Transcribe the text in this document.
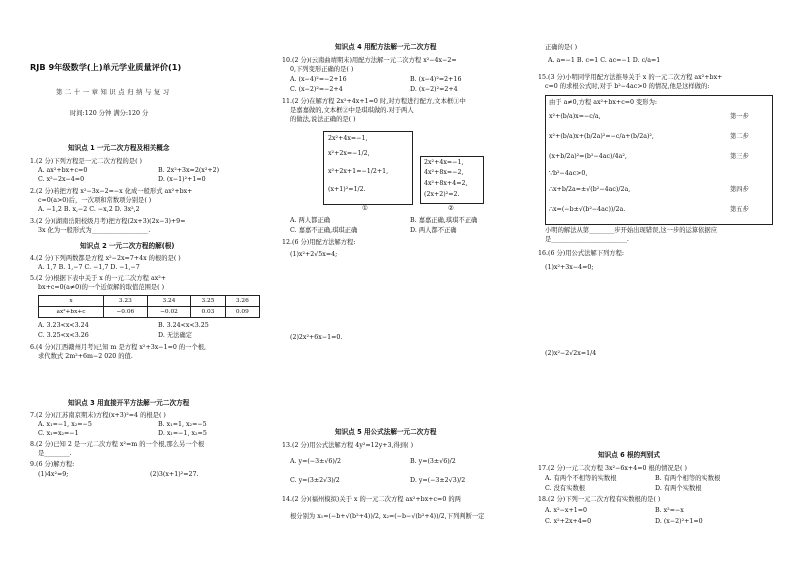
RJB 9年级数学(上)单元学业质量评价(1)
第 二 十 一 章 知 识 点 归 纳 与 复 习
时间:120 分钟 满分:120 分
知识点 1 一元二次方程及相关概念
1.(2 分)下列方程是一元二次方程的是( )
A. ax²+bx+c=0	B. 2x²+3x=2(x²+2)
C. x²−2x−4=0	D. (x−1)²+1=0
2.(2 分)若把方程 x²−3x−2=−x 化成一般形式 ax²+bx+
c=0(a>0)后，一次项和常数项分别是( )
A. −1,2 B. x,−2 C. −x,2 D. 3x²,2
3.(2 分)(湖南岳阳校级月考)把方程(2x+3)(2x−3)+9=
3x 化为一般形式为__________________.
知识点 2 一元二次方程的解(根)
4.(2 分)下列两数都是方程 x²−2x=7+4x 的根的是( )
A. 1,7 B. 1,−7 C. −1,7 D. −1,−7
5.(2 分)根据下表中关于 x 的一元二次方程 ax²+
bx+c=0(a≠0)的一个近似解的取值范围是( )
x	3.23	3.24	3.25	3.26
ax²+bx+c	−0.06	−0.02	0.03	0.09
A. 3.23<x<3.24	B. 3.24<x<3.25
C. 3.25<x<3.26	D. 无法确定
6.(4 分)(江西赣州月考)已知 m 是方程 x²+3x−1=0 的一个根,
求代数式 2m²+6m−2 020 的值.
知识点 3 用直接开平方法解一元二次方程
7.(2 分)(江苏南京期末)方程(x+3)²=4 的根是( )
A. x₁=−1, x₂=−5	B. x₁=1, x₂=−5
C. x₁=x₂=−1	D. x₁=−1, x₂=5
8.(2 分)已知 2 是一元二次方程 x²=m 的一个根,那么另一个根
是________.
9.(6 分)解方程:
(1)4x²=9;	(2)3(x+1)²=27.
知识点 4 用配方法解一元二次方程
10.(2 分)(云南曲靖期末)用配方法解一元二次方程 x²−4x−2=
0,下列变形正确的是( )
A. (x−4)²=−2+16	B. (x−4)²=2+16
C. (x−2)²=−2+4	D. (x−2)²=2+4
11.(2 分)在解方程 2x²+4x+1=0 时,对方程进行配方,文本框①中
是嘉嘉做的,文本框②中是琪琪做的.对于两人
的做法,说法正确的是( )
2x²+4x=−1,
x²+2x=−1/2,
x²+2x+1=−1/2+1,
(x+1)²=1/2.
①
2x²+4x=−1,
4x²+8x=−2,
4x²+8x+4=2,
(2x+2)²=2.
②
A. 两人都正确	B. 嘉嘉正确,琪琪不正确
C. 嘉嘉不正确,琪琪正确	D. 两人都不正确
12.(6 分)用配方法解方程:
(1)x²+2√5x=4;
(2)2x²+6x−1=0.
知识点 5 用公式法解一元二次方程
13.(2 分)用公式法解方程 4y²=12y+3,得到( )
A. y=(−3±√6)/2	B. y=(3±√6)/2
C. y=(3±2√3)/2	D. y=(−3±2√3)/2
14.(2 分)(福州模拟)关于 x 的一元二次方程 ax²+bx+c=0 的两
根分别为 x₁=(−b+√(b²+4))/2, x₂=(−b−√(b²+4))/2,下列判断一定
正确的是( )
A. a=−1 B. c=1 C. ac=−1 D. c/a=1
15.(3 分)小明同学用配方法推导关于 x 的一元二次方程 ax²+bx+
c=0 的求根公式时,对于 b²−4ac>0 的情况,他是这样做的:
由于 a≠0,方程 ax²+bx+c=0 变形为:
x²+(b/a)x=−c/a,	第一步
x²+(b/a)x+(b/2a)²=−c/a+(b/2a)²,	第二步
(x+b/2a)²=(b²−4ac)/4a²,	第三步
∵b²−4ac>0,
∴x+b/2a=±√(b²−4ac)/2a,	第四步
∴x=(−b±√(b²−4ac))/2a.	第五步
小明的解法从第________步开始出现错误,这一步的运算依据应
是________________________.
16.(6 分)用公式法解下列方程:
(1)x²+3x−4=0;
(2)x²−2√2x=1/4
知识点 6 根的判别式
17.(2 分)一元二次方程 3x²−6x+4=0 根的情况是( )
A. 有两个不相等的实数根	B. 有两个相等的实数根
C. 没有实数根	D. 有两个实数根
18.(2 分)下列一元二次方程有实数根的是( )
A. x²−x+1=0	B. x²=−x
C. x²+2x+4=0	D. (x−2)²+1=0
